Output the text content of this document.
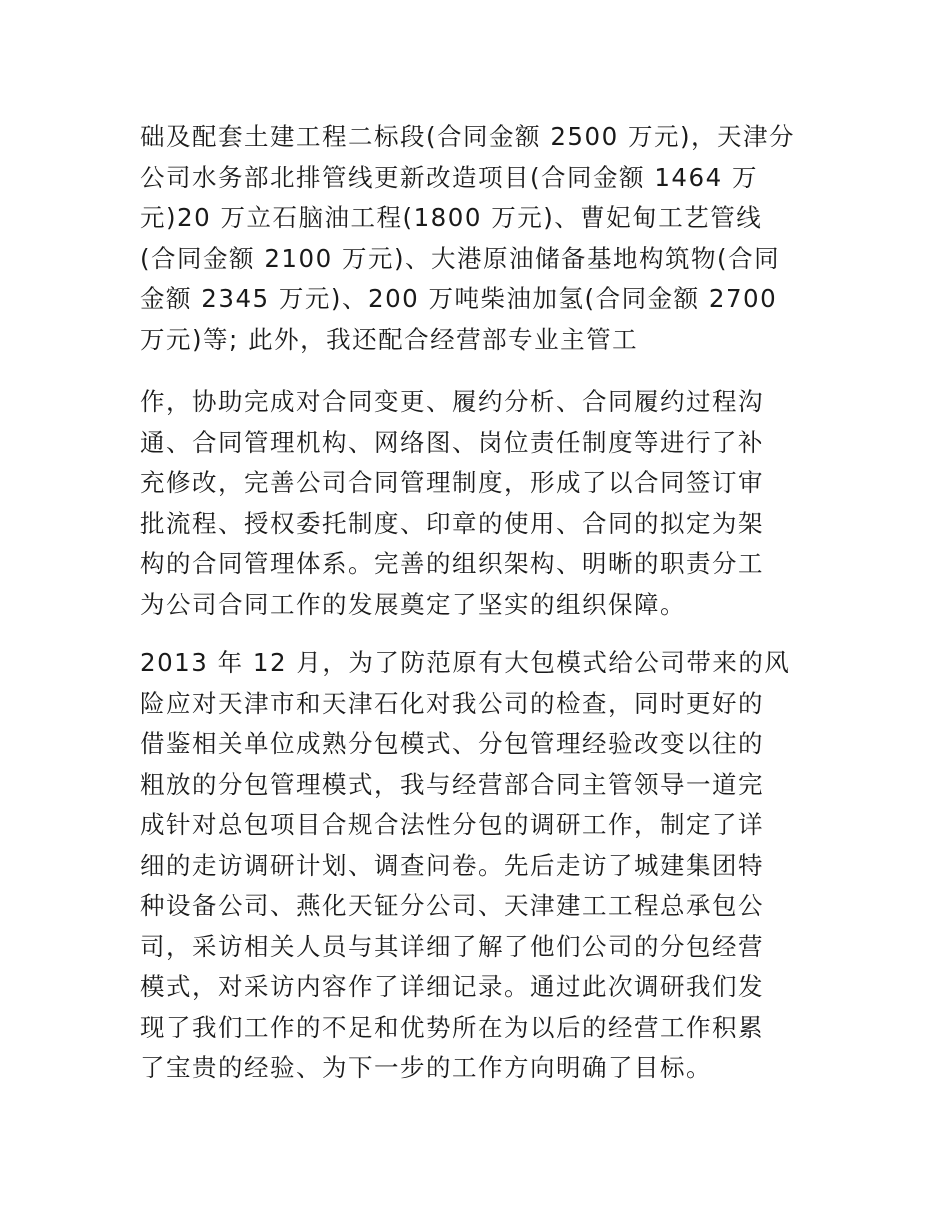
础及配套土建工程二标段(合同金额 2500 万元)，天津分
公司水务部北排管线更新改造项目(合同金额 1464 万
元)20 万立石脑油工程(1800 万元)、曹妃甸工艺管线
(合同金额 2100 万元)、大港原油储备基地构筑物(合同
金额 2345 万元)、200 万吨柴油加氢(合同金额 2700
万元)等; 此外，我还配合经营部专业主管工
作，协助完成对合同变更、履约分析、合同履约过程沟
通、合同管理机构、网络图、岗位责任制度等进行了补
充修改，完善公司合同管理制度，形成了以合同签订审
批流程、授权委托制度、印章的使用、合同的拟定为架
构的合同管理体系。完善的组织架构、明晰的职责分工
为公司合同工作的发展奠定了坚实的组织保障。
2013 年 12 月，为了防范原有大包模式给公司带来的风
险应对天津市和天津石化对我公司的检查，同时更好的
借鉴相关单位成熟分包模式、分包管理经验改变以往的
粗放的分包管理模式，我与经营部合同主管领导一道完
成针对总包项目合规合法性分包的调研工作，制定了详
细的走访调研计划、调查问卷。先后走访了城建集团特
种设备公司、燕化天钲分公司、天津建工工程总承包公
司，采访相关人员与其详细了解了他们公司的分包经营
模式，对采访内容作了详细记录。通过此次调研我们发
现了我们工作的不足和优势所在为以后的经营工作积累
了宝贵的经验、为下一步的工作方向明确了目标。
